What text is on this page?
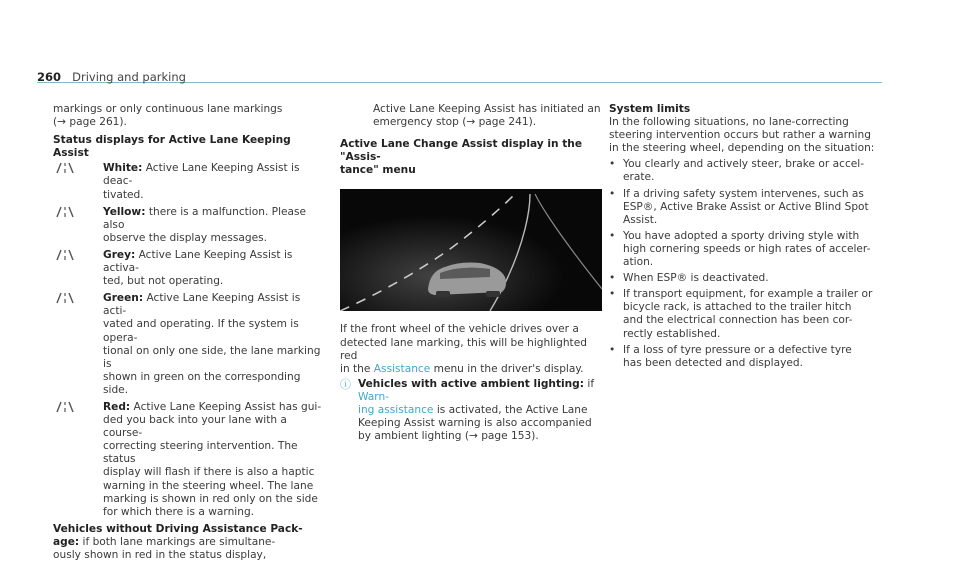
260 Driving and parking

markings or only continuous lane markings

(→ page 261).

Status displays for Active Lane Keeping Assist

White: Active Lane Keeping Assist is deac-

tivated.

Yellow: there is a malfunction. Please also

observe the display messages.

Grey: Active Lane Keeping Assist is activa-

ted, but not operating.

Green: Active Lane Keeping Assist is acti-

vated and operating. If the system is opera-

tional on only one side, the lane marking is

shown in green on the corresponding side.

Red: Active Lane Keeping Assist has gui-

ded you back into your lane with a course-

correcting steering intervention. The status

display will flash if there is also a haptic

warning in the steering wheel. The lane

marking is shown in red only on the side

for which there is a warning.

Vehicles without Driving Assistance Pack-

age: if both lane markings are simultane-

ously shown in red in the status display,

Active Lane Keeping Assist has initiated an

emergency stop (→ page 241).

Active Lane Change Assist display in the "Assis-

tance" menu

If the front wheel of the vehicle drives over a

detected lane marking, this will be highlighted red

in the Assistance menu in the driver's display.

ⓘ Vehicles with active ambient lighting: if Warn-

ing assistance is activated, the Active Lane

Keeping Assist warning is also accompanied

by ambient lighting (→ page 153).

System limits

In the following situations, no lane-correcting

steering intervention occurs but rather a warning

in the steering wheel, depending on the situation:

• You clearly and actively steer, brake or accel-

erate.

• If a driving safety system intervenes, such as

ESP®, Active Brake Assist or Active Blind Spot

Assist.

• You have adopted a sporty driving style with

high cornering speeds or high rates of acceler-

ation.

• When ESP® is deactivated.

• If transport equipment, for example a trailer or

bicycle rack, is attached to the trailer hitch

and the electrical connection has been cor-

rectly established.

• If a loss of tyre pressure or a defective tyre

has been detected and displayed.
